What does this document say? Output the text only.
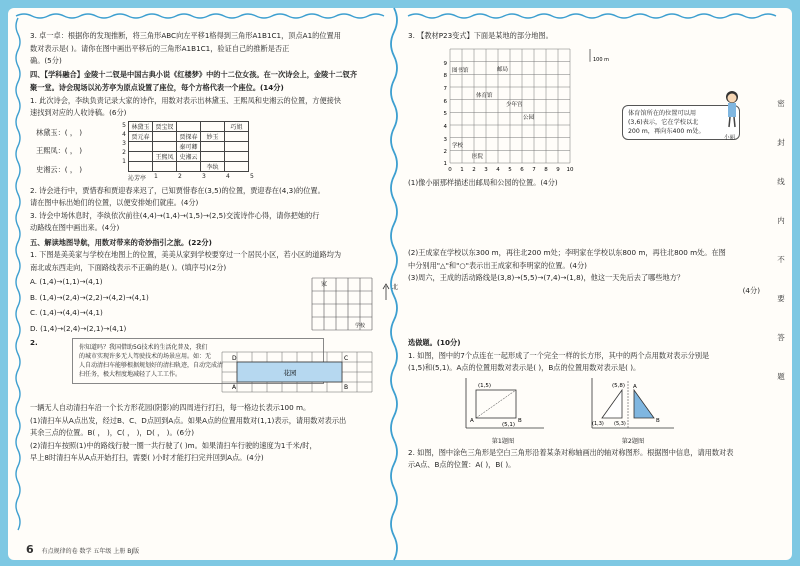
3. 卓一卓：根据你的发现推断，将三角形ABC向左平移1格得到三角形A1B1C1，顶点A1的位置用
数对表示是( )。请你在图中画出平移后的三角形A1B1C1，验证自己的推断是否正
确。(5分)
四、【学科融合】金陵十二钗是中国古典小说《红楼梦》中的十二位女孩。在一次诗会上，金陵十二钗齐
聚一堂。诗会现场以沁芳亭为原点设置了座位，每个方格代表一个座位。(14分)
1. 此次诗会，李纨负责记录大家的诗作，用数对表示出林黛玉、王熙凤和史湘云的位置，方便接快
速找到对应的人收诗稿。(6分)
林黛玉：( ， )
王熙凤：( ， )
史湘云：( ， )
5
4
3
2
1
林黛玉	贾宝钗			巧姐
贾元春		贾探春	妙玉	
		秦可卿		
	王熙凤	史湘云		
			李纨	
沁芳亭	1	2	3	4	5
2. 诗会进行中，贾惜春和贾迎春来迟了，已知贾惜春在(3,5)的位置，贾迎春在(4,3)的位置。
请在图中标出她们的位置，以便安排她们就座。(4分)
3. 诗会中场休息时，李纨依次前往(4,4)→(1,4)→(1,5)→(2,5)交流诗作心得，请你把她的行
动路线在图中画出来。(4分)
五、解读地图导航，用数对带来的奇妙指引之旅。(22分)
1. 下图是美美家与学校在地图上的位置，美美从家到学校要穿过一个居民小区，若小区的道路均为
南北或东西走向，下面路线表示不正确的是( )。(填序号)(2分)
A. (1,4)→(1,1)→(4,1)
B. (1,4)→(2,4)→(2,2)→(4,2)→(4,1)
C. (1,4)→(4,4)→(4,1)
D. (1,4)→(2,4)→(2,1)→(4,1)
家
学校
北
2.
你知道吗？我国借助5G技术的生活化普及，我们
的城市实现许多无人驾驶技术的场景应用。如：无
人自动清扫车能够根据规划好的清扫轨迹，自动完成清
扫任务，极大程度地减轻了人工工作。	花园
D	C
A	B
一辆无人自动清扫车沿一个长方形花园(阴影)的四周进行打扫，每一格边长表示100 m。
(1)清扫车从A点出发，经过B、C、D点回到A点。如果A点的位置用数对(1,1)表示，请用数对表示出
其余三点的位置。B( ， )，C( ， )，D( ， )。(6分)
(2)清扫车按照(1)中的路线行驶一圈一共行驶了( )m。如果清扫车行驶的速度为1千米/时，
早上8时清扫车从A点开始打扫，需要( )小时才能打扫完并回到A点。(4分)
3. 【教材P23变式】下面是某地的部分地图。
9
8
7
6
5
4
3
2
1
0 1 2 3 4 5 6 7 8 9 10
图书馆	邮局
体育馆
少年宫
公园
学校
医院
100 m
体育馆所在的位置可以用
(3,6)表示，它在学校以北
200 m，再向东400 m处。
小丽
(1)像小丽那样描述出邮局和公园的位置。(4分)
(2)王成家在学校以东300 m，再往北200 m处；李明家在学校以东800 m，再往北800 m处。在图
中分别用"△"和"○"表示出王成家和李明家的位置。(4分)
(3)周六，王成的活动路线是(3,8)→(5,5)→(7,4)→(1,8)，他这一天先后去了哪些地方？
(4分)
选做题。(10分)
1. 如图，图中的7个点连在一起形成了一个完全一样的长方形，其中的两个点用数对表示分别是
(1,5)和(5,1)。A点的位置用数对表示是( )，B点的位置用数对表示是( )。
(1,5)
(5,1)
A	B
第1题图
(5,8)
(1,3) (5,3)
A
B
第2题图
2. 如图，图中涂色三角形是空白三角形沿着某条对称轴画出的轴对称图形。根据图中信息，请用数对表
示A点、B点的位置：A( )，B( )。
密
封
线
内
不
要
答
题
6 有点规律的卷 数学 五年级 上册 BJ版
